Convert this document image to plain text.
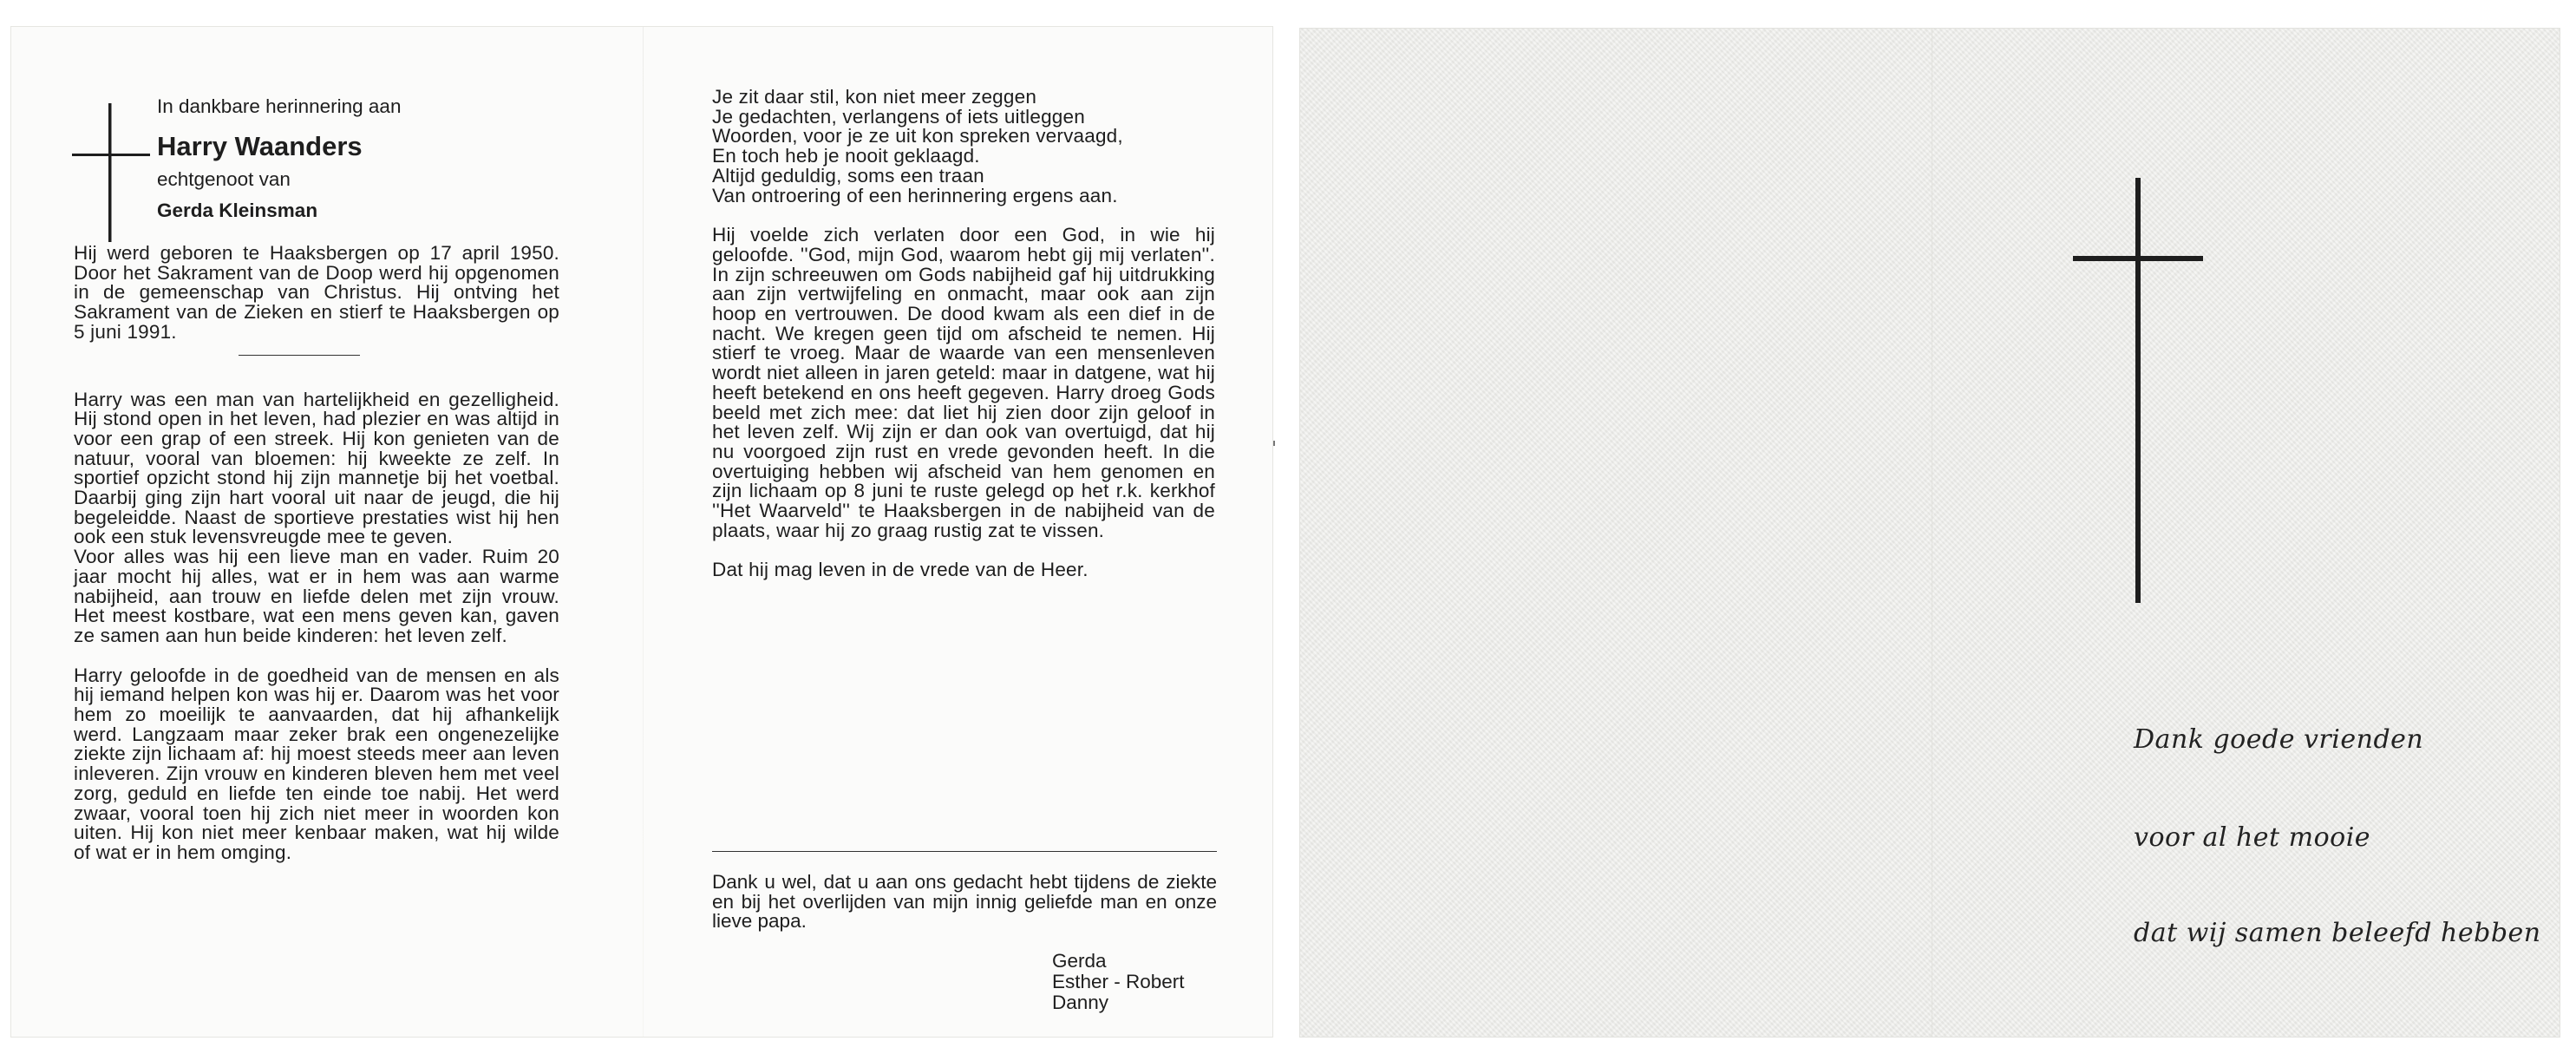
In dankbare herinnering aan
Harry Waanders
echtgenoot van
Gerda Kleinsman

Hij werd geboren te Haaksbergen op 17 april 1950. Door het Sakrament van de Doop werd hij opgenomen in de gemeenschap van Christus. Hij ontving het Sakrament van de Zieken en stierf te Haaksbergen op 5 juni 1991.

Harry was een man van hartelijkheid en gezelligheid. Hij stond open in het leven, had plezier en was altijd in voor een grap of een streek. Hij kon genieten van de natuur, vooral van bloemen: hij kweekte ze zelf. In sportief opzicht stond hij zijn mannetje bij het voetbal. Daarbij ging zijn hart vooral uit naar de jeugd, die hij begeleidde. Naast de sportieve prestaties wist hij hen ook een stuk levensvreugde mee te geven.

Voor alles was hij een lieve man en vader. Ruim 20 jaar mocht hij alles, wat er in hem was aan warme nabijheid, aan trouw en liefde delen met zijn vrouw. Het meest kostbare, wat een mens geven kan, gaven ze samen aan hun beide kinderen: het leven zelf.

Harry geloofde in de goedheid van de mensen en als hij iemand helpen kon was hij er. Daarom was het voor hem zo moeilijk te aanvaarden, dat hij afhankelijk werd. Langzaam maar zeker brak een ongenezelijke ziekte zijn lichaam af: hij moest steeds meer aan leven inleveren. Zijn vrouw en kinderen bleven hem met veel zorg, geduld en liefde ten einde toe nabij. Het werd zwaar, vooral toen hij zich niet meer in woorden kon uiten. Hij kon niet meer kenbaar maken, wat hij wilde of wat er in hem omging.

Je zit daar stil, kon niet meer zeggen

Je gedachten, verlangens of iets uitleggen

Woorden, voor je ze uit kon spreken vervaagd,

En toch heb je nooit geklaagd.

Altijd geduldig, soms een traan

Van ontroering of een herinnering ergens aan.

Hij voelde zich verlaten door een God, in wie hij geloofde. ''God, mijn God, waarom hebt gij mij verlaten''. In zijn schreeuwen om Gods nabijheid gaf hij uitdrukking aan zijn vertwijfeling en onmacht, maar ook aan zijn hoop en vertrouwen. De dood kwam als een dief in de nacht. We kregen geen tijd om afscheid te nemen. Hij stierf te vroeg. Maar de waarde van een mensenleven wordt niet alleen in jaren geteld: maar in datgene, wat hij heeft betekend en ons heeft gegeven. Harry droeg Gods beeld met zich mee: dat liet hij zien door zijn geloof in het leven zelf. Wij zijn er dan ook van overtuigd, dat hij nu voorgoed zijn rust en vrede gevonden heeft. In die overtuiging hebben wij afscheid van hem genomen en zijn lichaam op 8 juni te ruste gelegd op het r.k. kerkhof ''Het Waarveld'' te Haaksbergen in de nabijheid van de plaats, waar hij zo graag rustig zat te vissen.

Dat hij mag leven in de vrede van de Heer.

Dank u wel, dat u aan ons gedacht hebt tijdens de ziekte en bij het overlijden van mijn innig geliefde man en onze lieve papa.

Gerda
Esther - Robert
Danny
Dank goede vrienden
voor al het mooie
dat wij samen beleefd hebben
